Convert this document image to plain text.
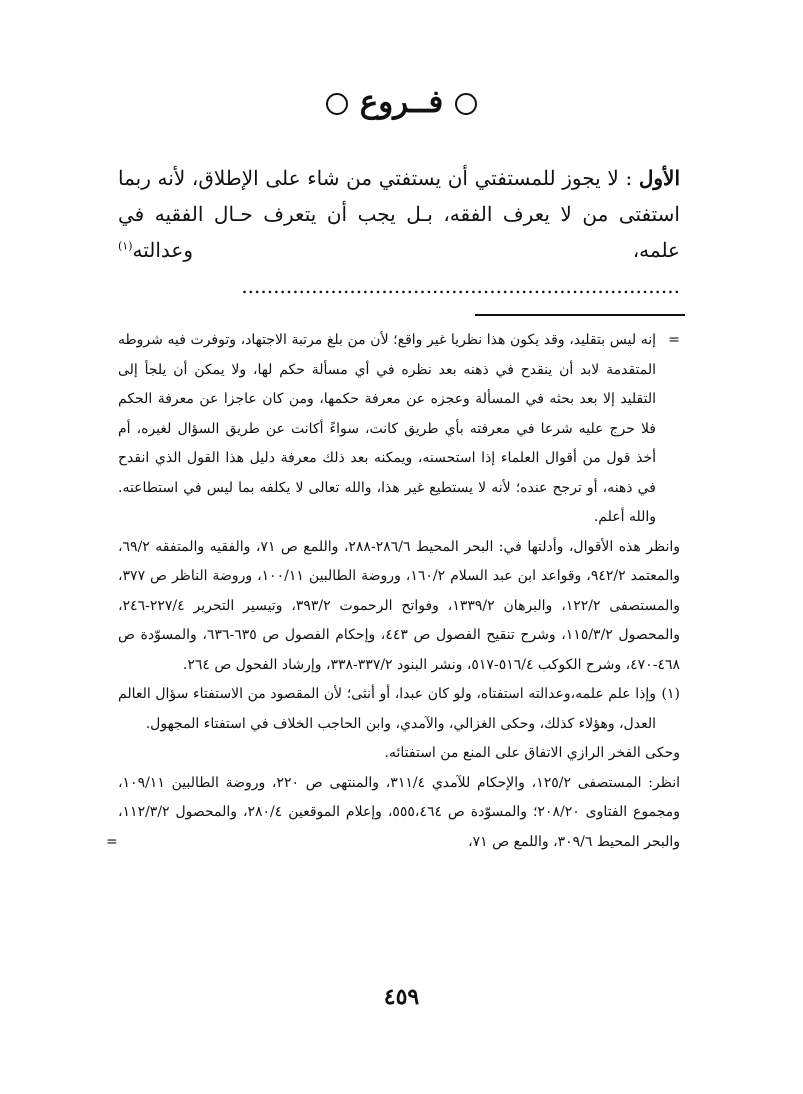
فــروع

الأول : لا يجوز للمستفتي أن يستفتي من شاء على الإطلاق، لأنه ربما استفتى من لا يعرف الفقه، بـل يجب أن يتعرف حـال الفقيه في علمه، وعدالته$^{(١)}$ .....................................................................

=
إنه ليس بتقليد، وقد يكون هذا نظريا غير واقع؛ لأن من بلغ مرتبة الاجتهاد، وتوفرت فيه شروطه المتقدمة لابد أن ينقدح في ذهنه بعد نظره في أي مسألة حكم لها، ولا يمكن أن يلجأ إلى التقليد إلا بعد بحثه في المسألة وعجزه عن معرفة حكمها، ومن كان عاجزا عن معرفة الحكم فلا حرج عليه شرعا في معرفته بأي طريق كانت، سواءً أكانت عن طريق السؤال لغيره، أم أخذ قول من أقوال العلماء إذا استحسنه، ويمكنه بعد ذلك معرفة دليل هذا القول الذي انقدح في ذهنه، أو ترجح عنده؛ لأنه لا يستطيع غير هذا، والله تعالى لا يكلفه بما ليس في استطاعته. والله أعلم.

وانظر هذه الأقوال، وأدلتها في: البحر المحيط ٢٨٦/٦-٢٨٨، واللمع ص ٧١، والفقيه والمتفقه ٦٩/٢، والمعتمد ٩٤٢/٢، وقواعد ابن عبد السلام ١٦٠/٢، وروضة الطالبين ١٠٠/١١، وروضة الناظر ص ٣٧٧، والمستصفى ١٢٢/٢، والبرهان ١٣٣٩/٢، وفواتح الرحموت ٣٩٣/٢، وتيسير التحرير ٢٢٧/٤-٢٤٦، والمحصول ١١٥/٣/٢، وشرح تنقيح الفصول ص ٤٤٣، وإحكام الفصول ص ٦٣٥-٦٣٦، والمسوّدة ص ٤٦٨-٤٧٠، وشرح الكوكب ٥١٦/٤-٥١٧، ونشر البنود ٣٣٧/٢-٣٣٨، وإرشاد الفحول ص ٢٦٤.

(١)
وإذا علم علمه،وعدالته استفتاه، ولو كان عبدا، أو أنثى؛ لأن المقصود من الاستفتاء سؤال العالم العدل، وهؤلاء كذلك، وحكى الغزالي، والآمدي، وابن الحاجب الخلاف في استفتاء المجهول.

وحكى الفخر الرازي الاتفاق على المنع من استفتائه.

انظر: المستصفى ١٢٥/٢، والإحكام للآمدي ٣١١/٤، والمنتهى ص ٢٢٠، وروضة الطالبين ١٠٩/١١، ومجموع الفتاوى ٢٠٨/٢٠؛ والمسوّدة ص ٥٥٥،٤٦٤، وإعلام الموقعين ٢٨٠/٤، والمحصول ١١٢/٣/٢، والبحر المحيط ٣٠٩/٦، واللمع ص ٧١،
=

٤٥٩
